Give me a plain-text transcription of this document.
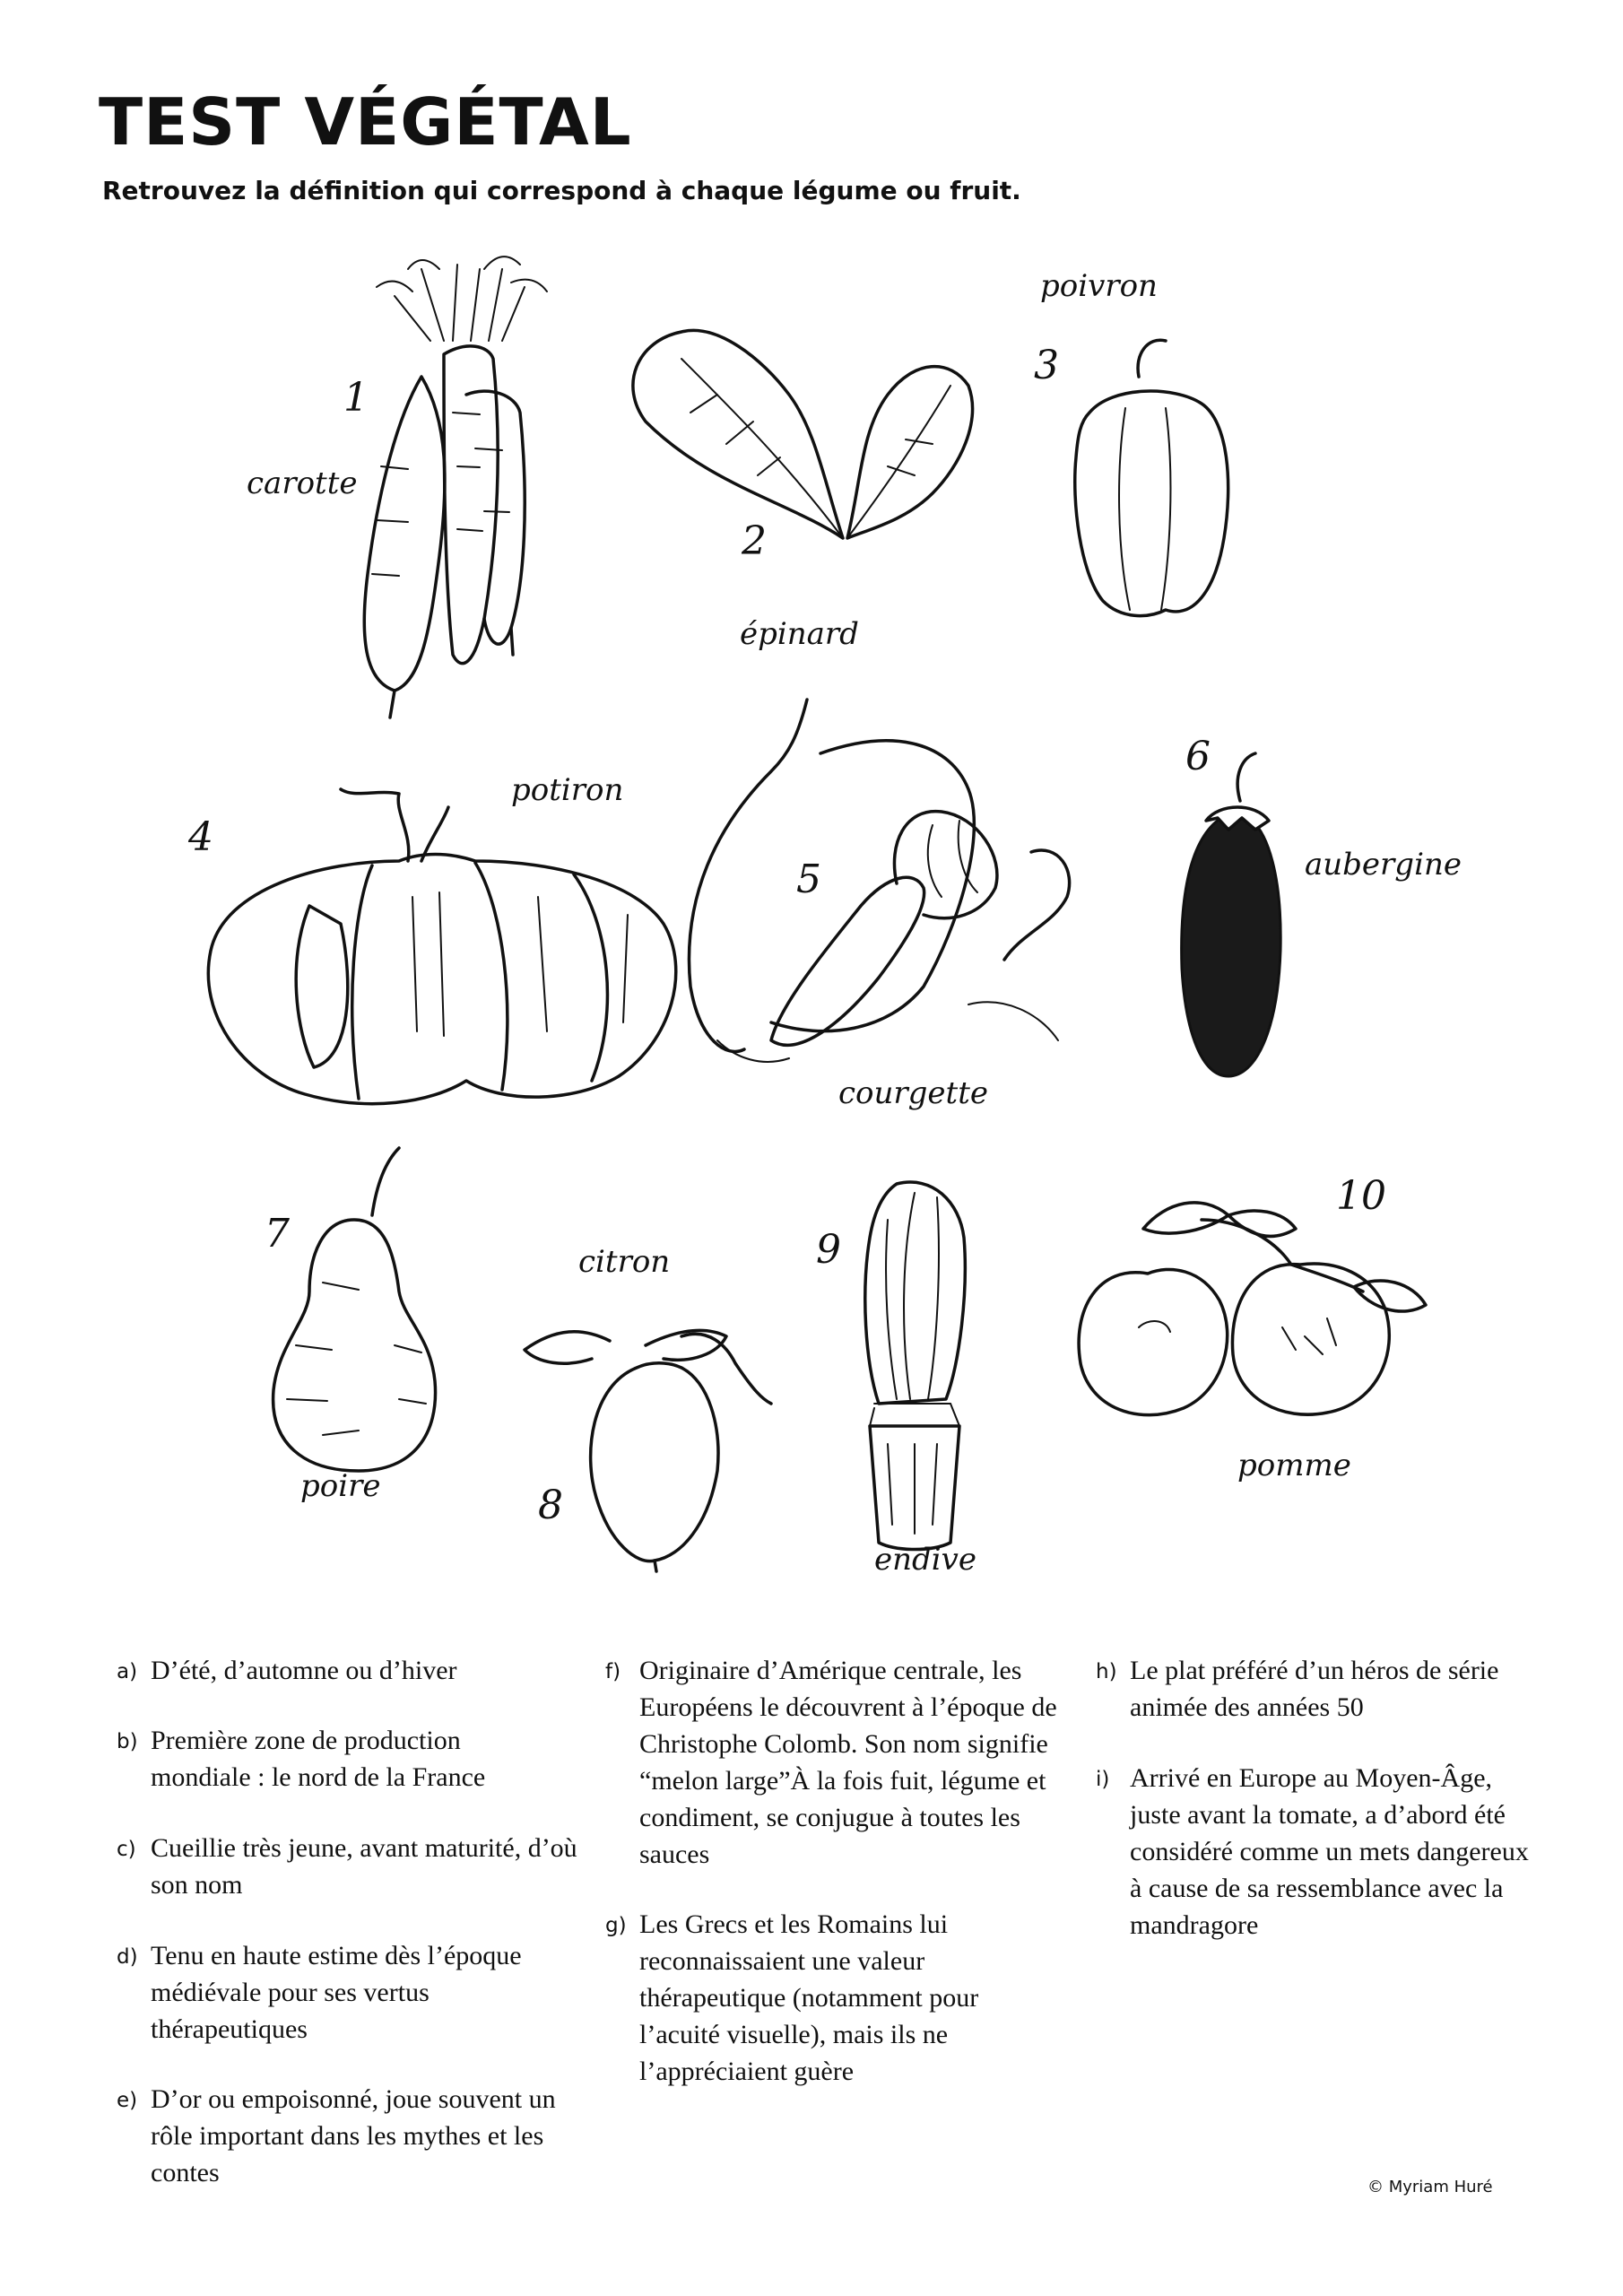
TEST VÉGÉTAL
Retrouvez la définition qui correspond à chaque légume ou fruit.
1
carotte
2
épinard
3
poivron
4
potiron
5
courgette
6
aubergine
7
poire	8
citron	9
endive
10
pomme
a) D’été, d’automne ou d’hiver
b) Première zone de production mondiale : le nord de la France
c) Cueillie très jeune, avant maturité, d’où son nom
d) Tenu en haute estime dès l’époque médiévale pour ses vertus thérapeutiques
e) D’or ou empoisonné, joue souvent un rôle important dans les mythes et les contes
f) Originaire d’Amérique centrale, les Européens le découvrent à l’époque de Christophe Colomb. Son nom signifie “melon large”À la fois fuit, légume et condiment, se conjugue à toutes les sauces
g) Les Grecs et les Romains lui reconnaissaient une valeur thérapeutique (notamment pour l’acuité visuelle), mais ils ne l’appréciaient guère
h) Le plat préféré d’un héros de série animée des années 50
i) Arrivé en Europe au Moyen-Âge, juste avant la tomate, a d’abord été considéré comme un mets dangereux à cause de sa ressemblance avec la mandragore
© Myriam Huré
